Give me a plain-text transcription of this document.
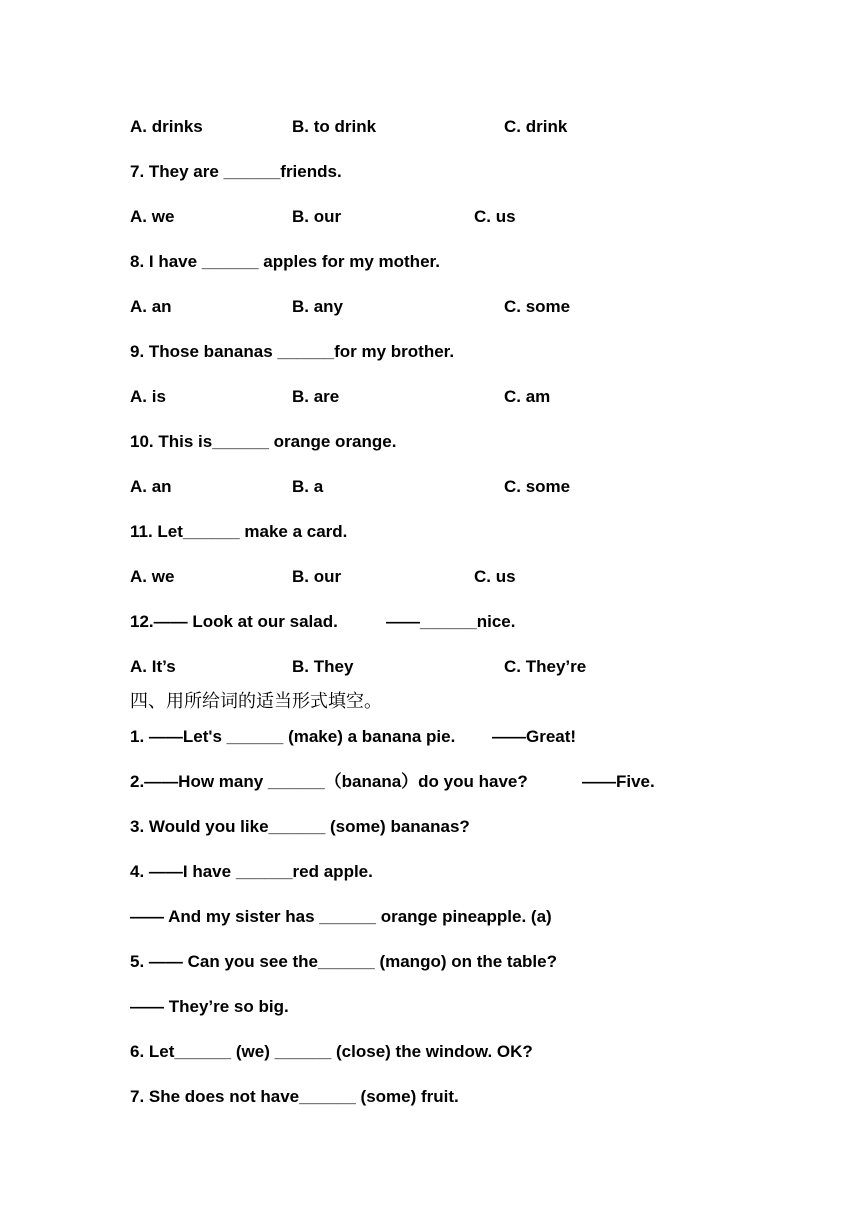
A. drinks

	B. to drink

	C. drink

7. They are ______friends.

A. we

	B. our

	C. us

8. I have ______ apples for my mother.

A. an

	B. any

	C. some

9. Those bananas ______for my brother.

A. is

	B. are

	C. am

10. This is______ orange orange.

A. an

	B. a

	C. some

11. Let______ make a card.

A. we

	B. our

	C. us

12.—— Look at our salad.

	——______nice.

A. It’s

	B. They

	C. They’re

四、用所给词的适当形式填空。

1. ——Let's ______ (make) a banana pie.

——Great!

2.——How many ______（banana）do you have?

	——Five.

3. Would you like______ (some) bananas?
4. ——I have ______red apple.
—— And my sister has ______ orange pineapple. (a)
5. —— Can you see the______ (mango) on the table?
—— They’re so big.
6. Let______ (we) ______ (close) the window. OK?
7. She does not have______ (some) fruit.
